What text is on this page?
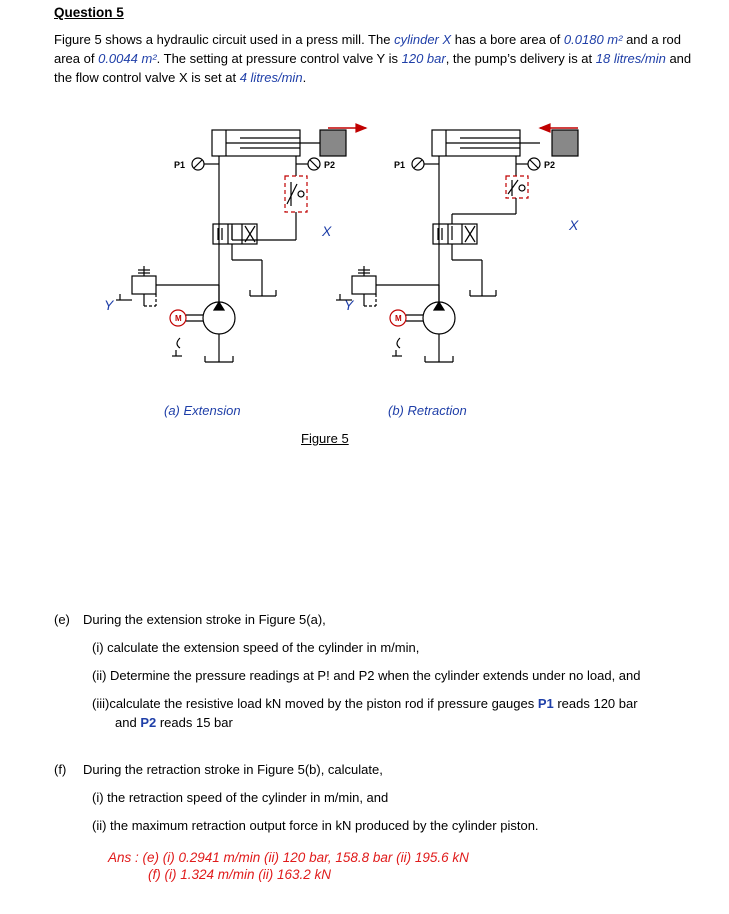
Question 5
Figure 5 shows a hydraulic circuit used in a press mill. The cylinder X has a bore area of 0.0180 m² and a rod area of 0.0044 m². The setting at pressure control valve Y is 120 bar, the pump’s delivery is at 18 litres/min and the flow control valve X is set at 4 litres/min.
P1	P2	P1	P2
M	M
X	X
Y	Y
(a) Extension	(b) Retraction
Figure 5
(e) During the extension stroke in Figure 5(a),
(i) calculate the extension speed of the cylinder in m/min,
(ii) Determine the pressure readings at P! and P2 when the cylinder extends under no load, and
(iii)calculate the resistive load kN moved by the piston rod if pressure gauges P1 reads 120 bar
and P2 reads 15 bar
(f) During the retraction stroke in Figure 5(b), calculate,
(i) the retraction speed of the cylinder in m/min, and
(ii) the maximum retraction output force in kN produced by the cylinder piston.
Ans : (e) (i) 0.2941 m/min (ii) 120 bar, 158.8 bar (ii) 195.6 kN
(f) (i) 1.324 m/min (ii) 163.2 kN
